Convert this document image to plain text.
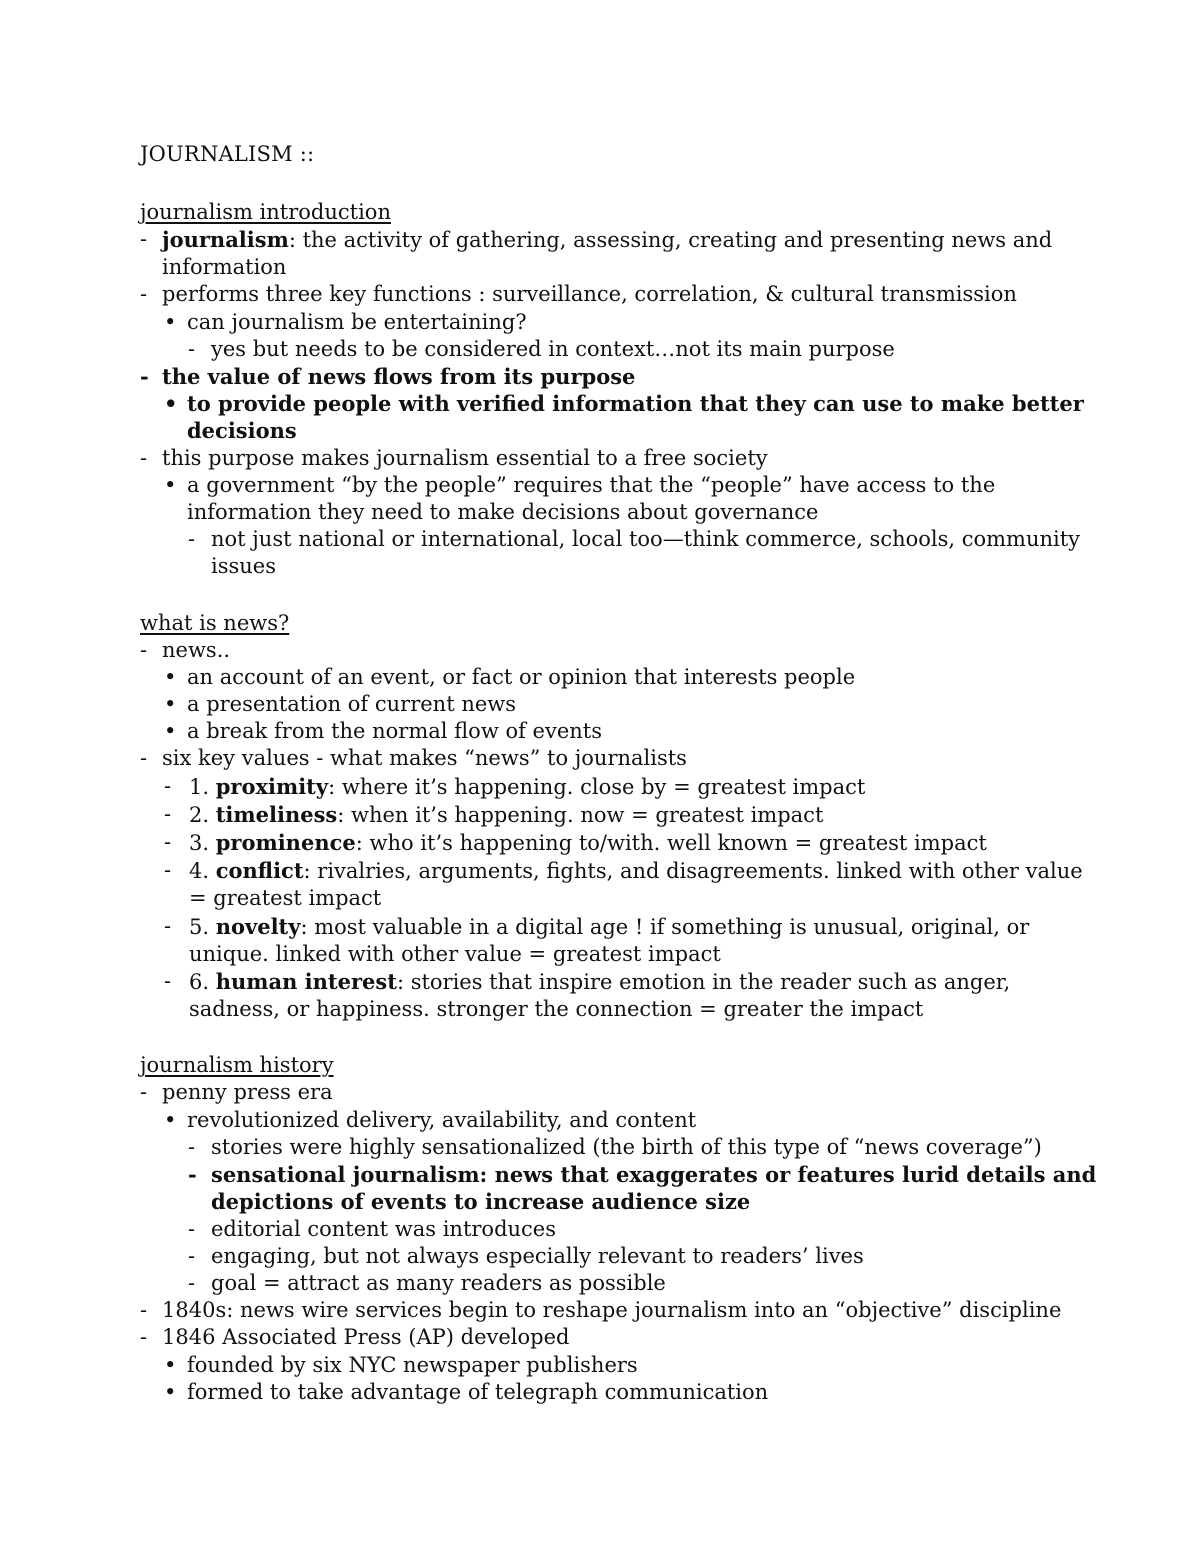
JOURNALISM ::
journalism introduction
- journalism: the activity of gathering, assessing, creating and presenting news and information
- performs three key functions : surveillance, correlation, & cultural transmission
• can journalism be entertaining?
- yes but needs to be considered in context…not its main purpose
- the value of news flows from its purpose
• to provide people with verified information that they can use to make better decisions
- this purpose makes journalism essential to a free society
• a government “by the people” requires that the “people” have access to the information they need to make decisions about governance
- not just national or international, local too—think commerce, schools, community issues
what is news?
- news..
• an account of an event, or fact or opinion that interests people
• a presentation of current news
• a break from the normal flow of events
- six key values - what makes “news” to journalists
- 1. proximity: where it’s happening. close by = greatest impact
- 2. timeliness: when it’s happening. now = greatest impact
- 3. prominence: who it’s happening to/with. well known = greatest impact
- 4. conflict: rivalries, arguments, fights, and disagreements. linked with other value = greatest impact
- 5. novelty: most valuable in a digital age ! if something is unusual, original, or unique. linked with other value = greatest impact
- 6. human interest: stories that inspire emotion in the reader such as anger, sadness, or happiness. stronger the connection = greater the impact
journalism history
- penny press era
• revolutionized delivery, availability, and content
- stories were highly sensationalized (the birth of this type of “news coverage”)
- sensational journalism: news that exaggerates or features lurid details and depictions of events to increase audience size
- editorial content was introduces
- engaging, but not always especially relevant to readers’ lives
- goal = attract as many readers as possible
- 1840s: news wire services begin to reshape journalism into an “objective” discipline
- 1846 Associated Press (AP) developed
• founded by six NYC newspaper publishers
• formed to take advantage of telegraph communication
